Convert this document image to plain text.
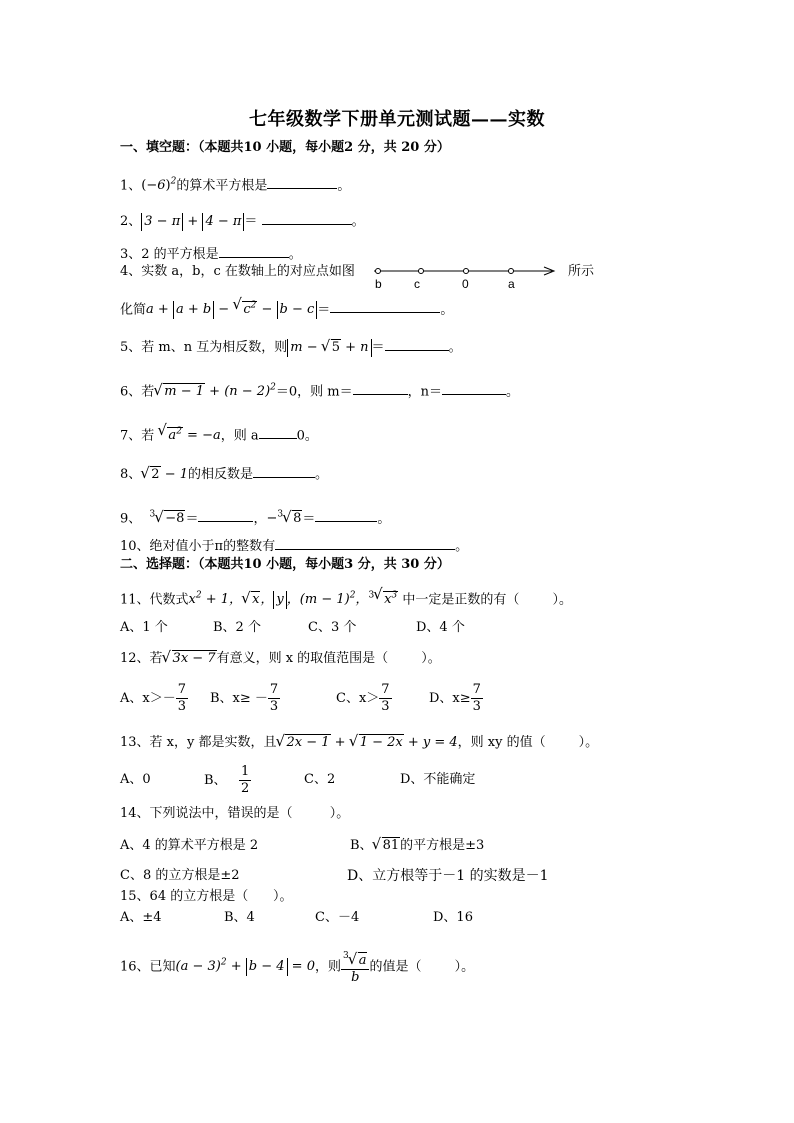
七年级数学下册单元测试题——实数
一、填空题：（本题共10 小题，每小题2 分，共 20 分）
1、$(-6)^2$的算术平方根是	。
2、 3 − π + 4 − π ＝	。
3、2 的平方根是	。
4、实数 a，b，c 在数轴上的对应点如图
b	c	0	a
所示
化简a + a + b − √ $c^2 - b - c$ ＝	。
5、若 m、n 互为相反数，则 m − √ 5 + n ＝	。
6、若 √ $m - 1 + (n - 2)^2=0$，则 m＝	，n＝	。
7、若 √ $a^2 = -a$，则 a	0。
8、 √ 2 − 1的相反数是	。
9、 $^3$ √ −8＝	，−$^3$ √ 8＝	。
10、绝对值小于π的整数有	。
二、选择题：（本题共10 小题，每小题3 分，共 30 分）
11、代数式$x^2 + 1$， √ x， y ，$(m - 1)^2$，$^3$ √ $x^3$ 中一定是正数的有（	）。
A、1 个	B、2 个	C、3 个	D、4 个
12、若 √ 3x − 7有意义，则 x 的取值范围是（	）。
A、$x>- \frac{7}{3}$ B、$x\ge - \frac{7}{3}$	C、$x> \frac{7}{3}$	D、$x\ge \frac{7}{3}$
13、若 x，y 都是实数，且 √ 2x − 1 + √ 1 − 2x + y = 4，则 xy 的值（	）。
A、0	B、 $\frac{1}{2}$	C、2	D、不能确定
14、下列说法中，错误的是（	）。
A、4 的算术平方根是 2	B、 √ 81的平方根是±3
C、8 的立方根是±2	D、立方根等于－1 的实数是－1
15、64 的立方根是（ ）。
A、±4	B、4	C、－4	D、16
16、已知$(a - 3)^2 + b - 4 = 0$，则 $\frac{^3 √ a}{b}$ 的值是（	）。
